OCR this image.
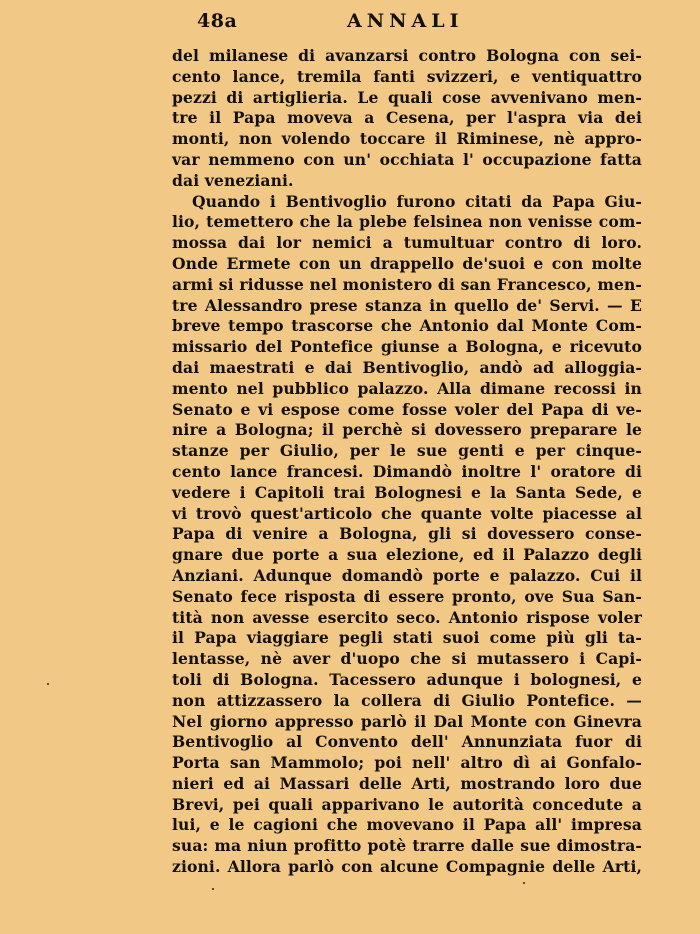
48a	ANNALI
del milanese di avanzarsi contro Bologna con sei-
cento lance, tremila fanti svizzeri, e ventiquattro
pezzi di artiglieria. Le quali cose avvenivano men-
tre il Papa moveva a Cesena, per l'aspra via dei
monti, non volendo toccare il Riminese, nè appro-
var nemmeno con un' occhiata l' occupazione fatta
dai veneziani.
Quando i Bentivoglio furono citati da Papa Giu-
lio, temettero che la plebe felsinea non venisse com-
mossa dai lor nemici a tumultuar contro di loro.
Onde Ermete con un drappello de'suoi e con molte
armi si ridusse nel monistero di san Francesco, men-
tre Alessandro prese stanza in quello de' Servi. — E
breve tempo trascorse che Antonio dal Monte Com-
missario del Pontefice giunse a Bologna, e ricevuto
dai maestrati e dai Bentivoglio, andò ad alloggia-
mento nel pubblico palazzo. Alla dimane recossi in
Senato e vi espose come fosse voler del Papa di ve-
nire a Bologna; il perchè si dovessero preparare le
stanze per Giulio, per le sue genti e per cinque-
cento lance francesi. Dimandò inoltre l' oratore di
vedere i Capitoli trai Bolognesi e la Santa Sede, e
vi trovò quest'articolo che quante volte piacesse al
Papa di venire a Bologna, gli si dovessero conse-
gnare due porte a sua elezione, ed il Palazzo degli
Anziani. Adunque domandò porte e palazzo. Cui il
Senato fece risposta di essere pronto, ove Sua San-
tità non avesse esercito seco. Antonio rispose voler
il Papa viaggiare pegli stati suoi come più gli ta-
lentasse, nè aver d'uopo che si mutassero i Capi-
toli di Bologna. Tacessero adunque i bolognesi, e
non attizzassero la collera di Giulio Pontefice. —
Nel giorno appresso parlò il Dal Monte con Ginevra
Bentivoglio al Convento dell' Annunziata fuor di
Porta san Mammolo; poi nell' altro dì ai Gonfalo-
nieri ed ai Massari delle Arti, mostrando loro due
Brevi, pei quali apparivano le autorità concedute a
lui, e le cagioni che movevano il Papa all' impresa
sua: ma niun profitto potè trarre dalle sue dimostra-
zioni. Allora parlò con alcune Compagnie delle Arti,
